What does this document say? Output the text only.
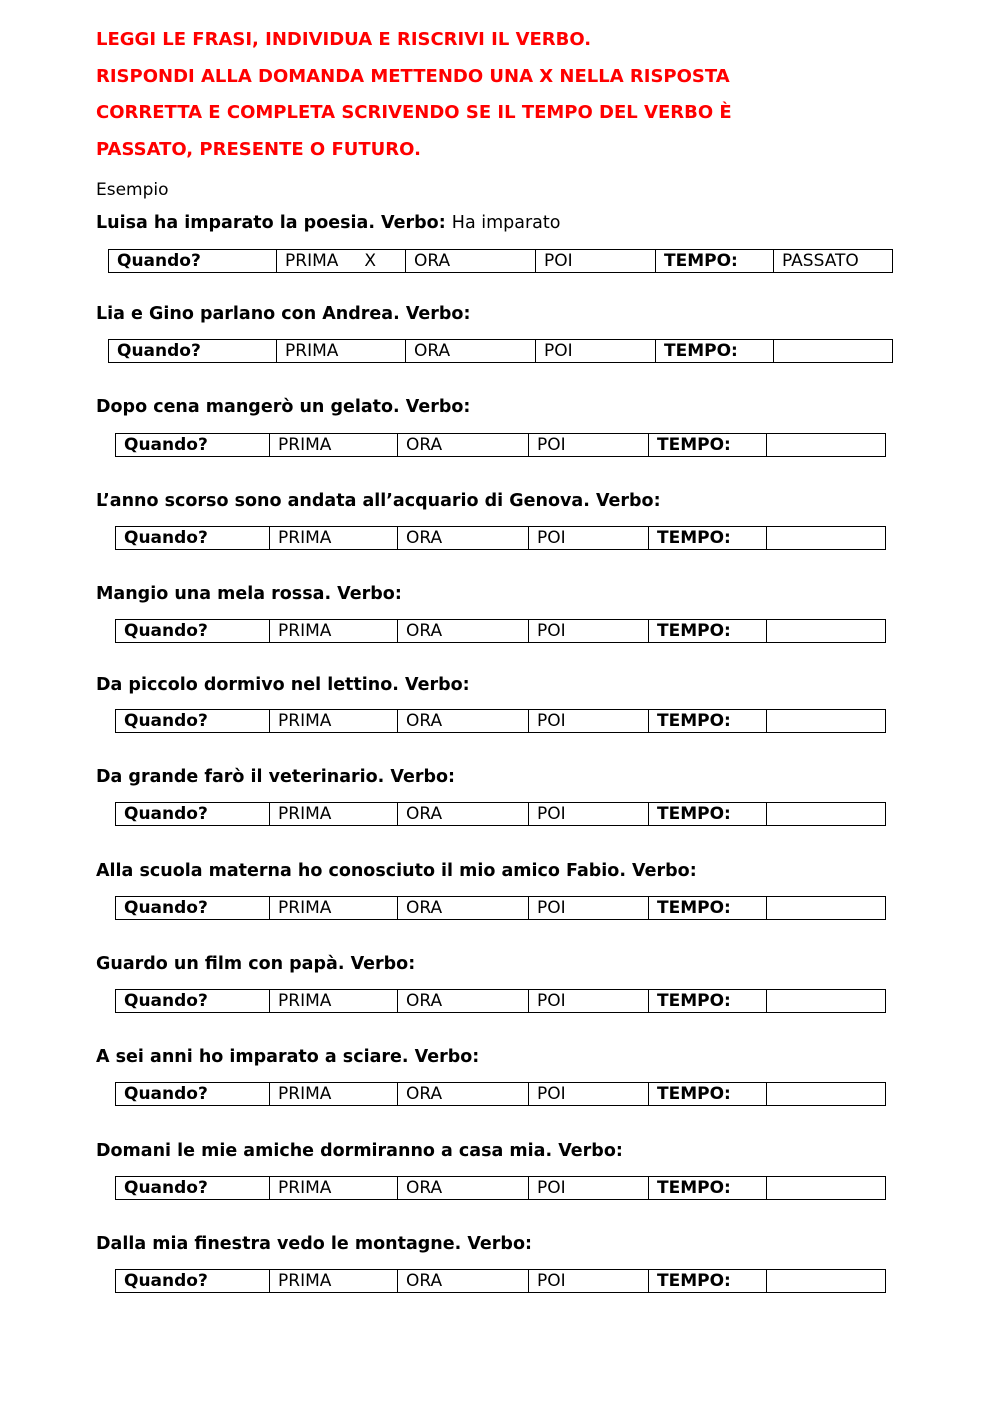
LEGGI LE FRASI, INDIVIDUA E RISCRIVI IL VERBO.

RISPONDI ALLA DOMANDA METTENDO UNA X NELLA RISPOSTA

CORRETTA E COMPLETA SCRIVENDO SE IL TEMPO DEL VERBO È

PASSATO, PRESENTE O FUTURO.

Esempio
Luisa ha imparato la poesia. Verbo: Ha imparato
Quando?	PRIMA X	ORA	POI	TEMPO:	PASSATO
Lia e Gino parlano con Andrea. Verbo:
Quando?	PRIMA	ORA	POI	TEMPO:	
Dopo cena mangerò un gelato. Verbo:
Quando?	PRIMA	ORA	POI	TEMPO:	
L’anno scorso sono andata all’acquario di Genova. Verbo:
Quando?	PRIMA	ORA	POI	TEMPO:	
Mangio una mela rossa. Verbo:
Quando?	PRIMA	ORA	POI	TEMPO:	
Da piccolo dormivo nel lettino. Verbo:
Quando?	PRIMA	ORA	POI	TEMPO:	
Da grande farò il veterinario. Verbo:
Quando?	PRIMA	ORA	POI	TEMPO:	
Alla scuola materna ho conosciuto il mio amico Fabio. Verbo:
Quando?	PRIMA	ORA	POI	TEMPO:	
Guardo un film con papà. Verbo:
Quando?	PRIMA	ORA	POI	TEMPO:	
A sei anni ho imparato a sciare. Verbo:
Quando?	PRIMA	ORA	POI	TEMPO:	
Domani le mie amiche dormiranno a casa mia. Verbo:
Quando?	PRIMA	ORA	POI	TEMPO:	
Dalla mia finestra vedo le montagne. Verbo:
Quando?	PRIMA	ORA	POI	TEMPO:	
